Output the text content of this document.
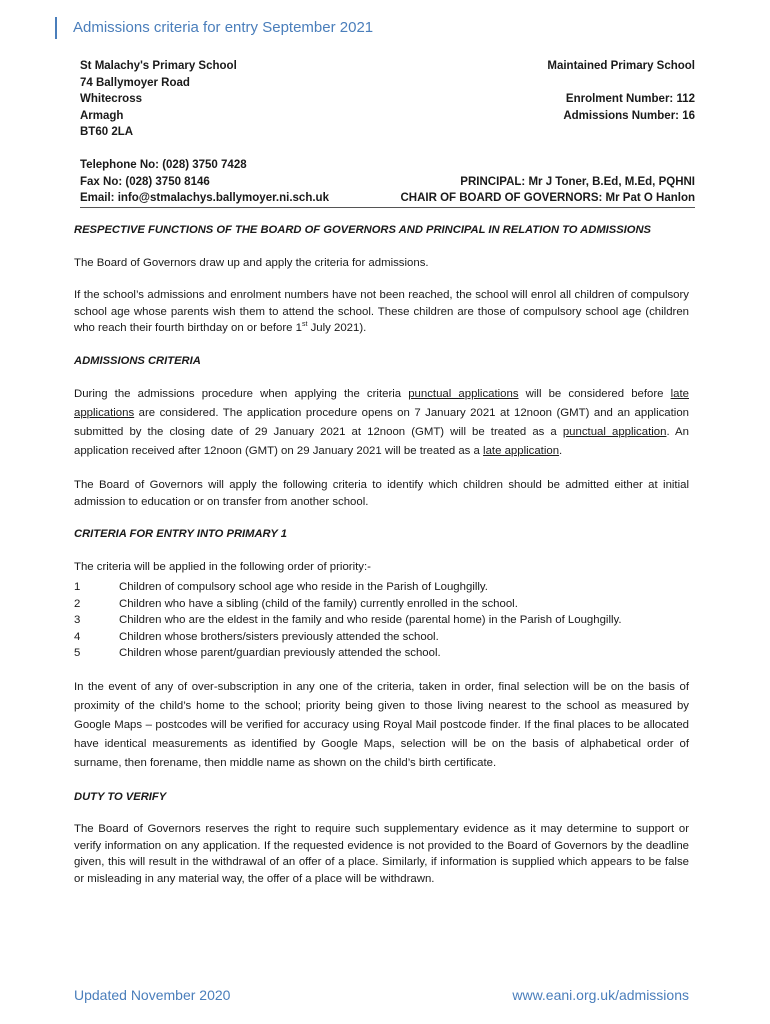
Admissions criteria for entry September 2021
St Malachy's Primary School	Maintained Primary School
74 Ballymoyer Road
Whitecross	Enrolment Number: 112
Armagh	Admissions Number: 16
BT60 2LA
Telephone No: (028) 3750 7428
Fax No: (028) 3750 8146	PRINCIPAL: Mr J Toner, B.Ed, M.Ed, PQHNI
Email: info@stmalachys.ballymoyer.ni.sch.uk	CHAIR OF BOARD OF GOVERNORS: Mr Pat O Hanlon
RESPECTIVE FUNCTIONS OF THE BOARD OF GOVERNORS AND PRINCIPAL IN RELATION TO ADMISSIONS

The Board of Governors draw up and apply the criteria for admissions.

If the school’s admissions and enrolment numbers have not been reached, the school will enrol all children of compulsory school age whose parents wish them to attend the school. These children are those of compulsory school age (children who reach their fourth birthday on or before 1st July 2021).

ADMISSIONS CRITERIA

During the admissions procedure when applying the criteria punctual applications will be considered before late applications are considered. The application procedure opens on 7 January 2021 at 12noon (GMT) and an application submitted by the closing date of 29 January 2021 at 12noon (GMT) will be treated as a punctual application. An application received after 12noon (GMT) on 29 January 2021 will be treated as a late application.

The Board of Governors will apply the following criteria to identify which children should be admitted either at initial admission to education or on transfer from another school.

CRITERIA FOR ENTRY INTO PRIMARY 1

The criteria will be applied in the following order of priority:-

1	Children of compulsory school age who reside in the Parish of Loughgilly.
2	Children who have a sibling (child of the family) currently enrolled in the school.
3	Children who are the eldest in the family and who reside (parental home) in the Parish of Loughgilly.
4	Children whose brothers/sisters previously attended the school.
5	Children whose parent/guardian previously attended the school.

In the event of any of over-subscription in any one of the criteria, taken in order, final selection will be on the basis of proximity of the child’s home to the school; priority being given to those living nearest to the school as measured by Google Maps – postcodes will be verified for accuracy using Royal Mail postcode finder. If the final places to be allocated have identical measurements as identified by Google Maps, selection will be on the basis of alphabetical order of surname, then forename, then middle name as shown on the child’s birth certificate.

DUTY TO VERIFY

The Board of Governors reserves the right to require such supplementary evidence as it may determine to support or verify information on any application. If the requested evidence is not provided to the Board of Governors by the deadline given, this will result in the withdrawal of an offer of a place. Similarly, if information is supplied which appears to be false or misleading in any material way, the offer of a place will be withdrawn.

Updated November 2020	www.eani.org.uk/admissions
